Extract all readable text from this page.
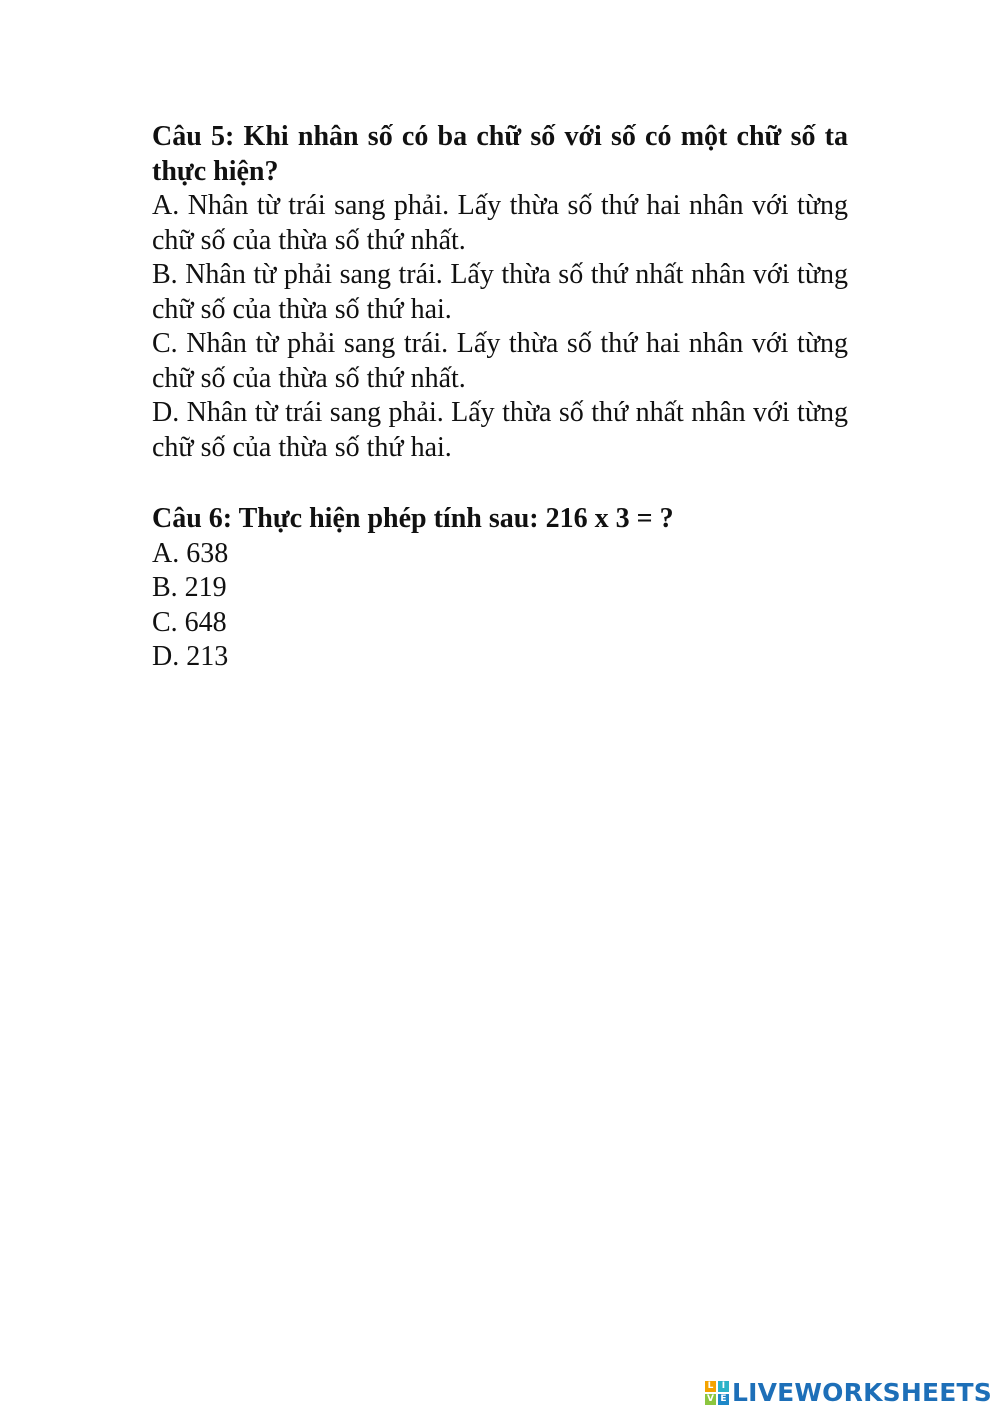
Câu 5: Khi nhân số có ba chữ số với số có một chữ số ta thực hiện?

A. Nhân từ trái sang phải. Lấy thừa số thứ hai nhân với từng chữ số của thừa số thứ nhất.

B. Nhân từ phải sang trái. Lấy thừa số thứ nhất nhân với từng chữ số của thừa số thứ hai.

C. Nhân từ phải sang trái. Lấy thừa số thứ hai nhân với từng chữ số của thừa số thứ nhất.

D. Nhân từ trái sang phải. Lấy thừa số thứ nhất nhân với từng chữ số của thừa số thứ hai.

Câu 6: Thực hiện phép tính sau: 216 x 3 = ?

A. 638

B. 219

C. 648

D. 213

L I
V E LIVEWORKSHEETS
